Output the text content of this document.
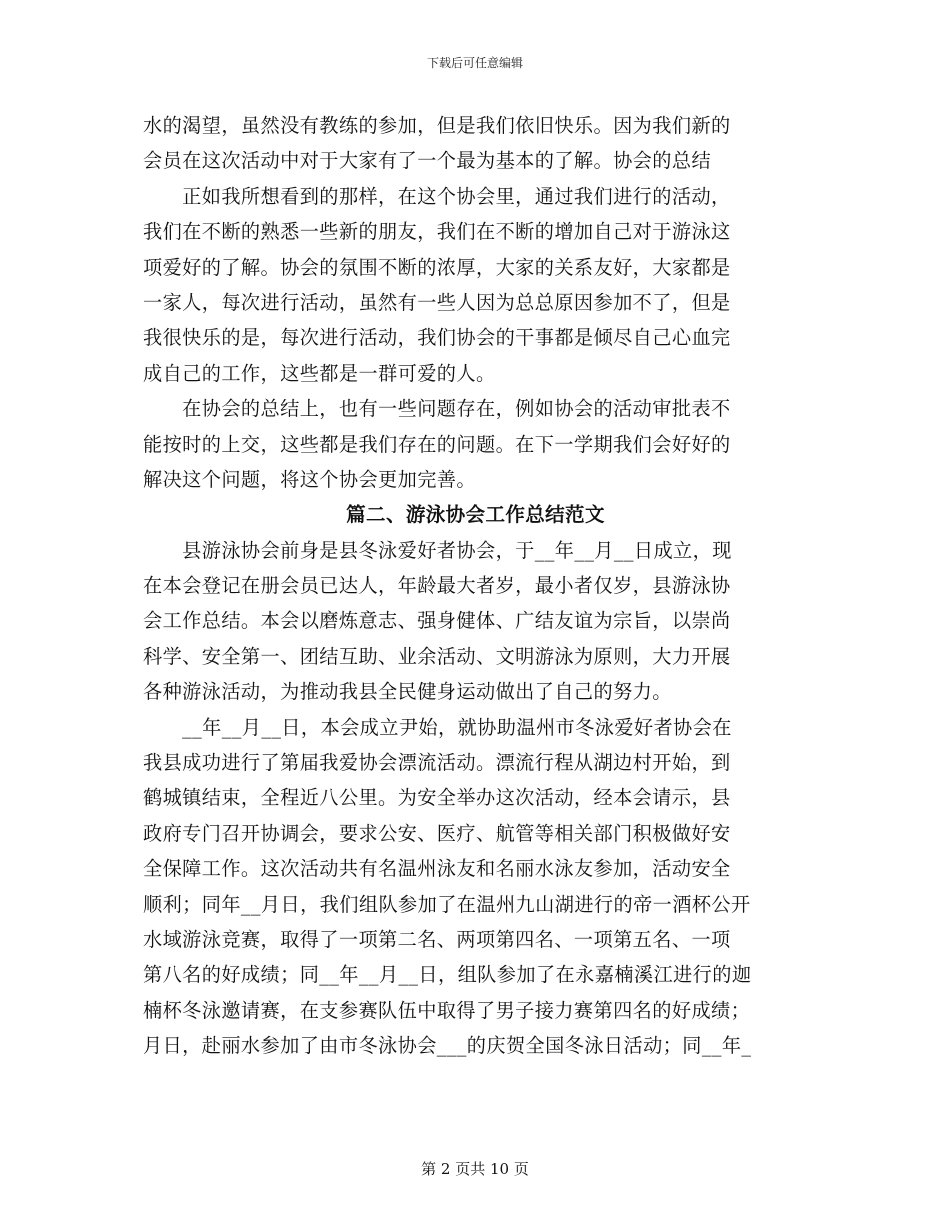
下载后可任意编辑
水的渴望，虽然没有教练的参加，但是我们依旧快乐。因为我们新的
会员在这次活动中对于大家有了一个最为基本的了解。协会的总结
　　正如我所想看到的那样，在这个协会里，通过我们进行的活动，
我们在不断的熟悉一些新的朋友，我们在不断的增加自己对于游泳这
项爱好的了解。协会的氛围不断的浓厚，大家的关系友好，大家都是
一家人，每次进行活动，虽然有一些人因为总总原因参加不了，但是
我很快乐的是，每次进行活动，我们协会的干事都是倾尽自己心血完
成自己的工作，这些都是一群可爱的人。
　　在协会的总结上，也有一些问题存在，例如协会的活动审批表不
能按时的上交，这些都是我们存在的问题。在下一学期我们会好好的
解决这个问题，将这个协会更加完善。
篇二、游泳协会工作总结范文
　　县游泳协会前身是县冬泳爱好者协会，于__年__月__日成立，现
在本会登记在册会员已达人，年龄最大者岁，最小者仅岁，县游泳协
会工作总结。本会以磨炼意志、强身健体、广结友谊为宗旨，以崇尚
科学、安全第一、团结互助、业余活动、文明游泳为原则，大力开展
各种游泳活动，为推动我县全民健身运动做出了自己的努力。
　　__年__月__日，本会成立尹始，就协助温州市冬泳爱好者协会在
我县成功进行了第届我爱协会漂流活动。漂流行程从湖边村开始，到
鹤城镇结束，全程近八公里。为安全举办这次活动，经本会请示，县
政府专门召开协调会，要求公安、医疗、航管等相关部门积极做好安
全保障工作。这次活动共有名温州泳友和名丽水泳友参加，活动安全
顺利；同年__月日，我们组队参加了在温州九山湖进行的帝一酒杯公开
水域游泳竞赛，取得了一项第二名、两项第四名、一项第五名、一项
第八名的好成绩；同__年__月__日，组队参加了在永嘉楠溪江进行的迦
楠杯冬泳邀请赛，在支参赛队伍中取得了男子接力赛第四名的好成绩；
月日，赴丽水参加了由市冬泳协会___的庆贺全国冬泳日活动；同__年_
第 2 页共 10 页
